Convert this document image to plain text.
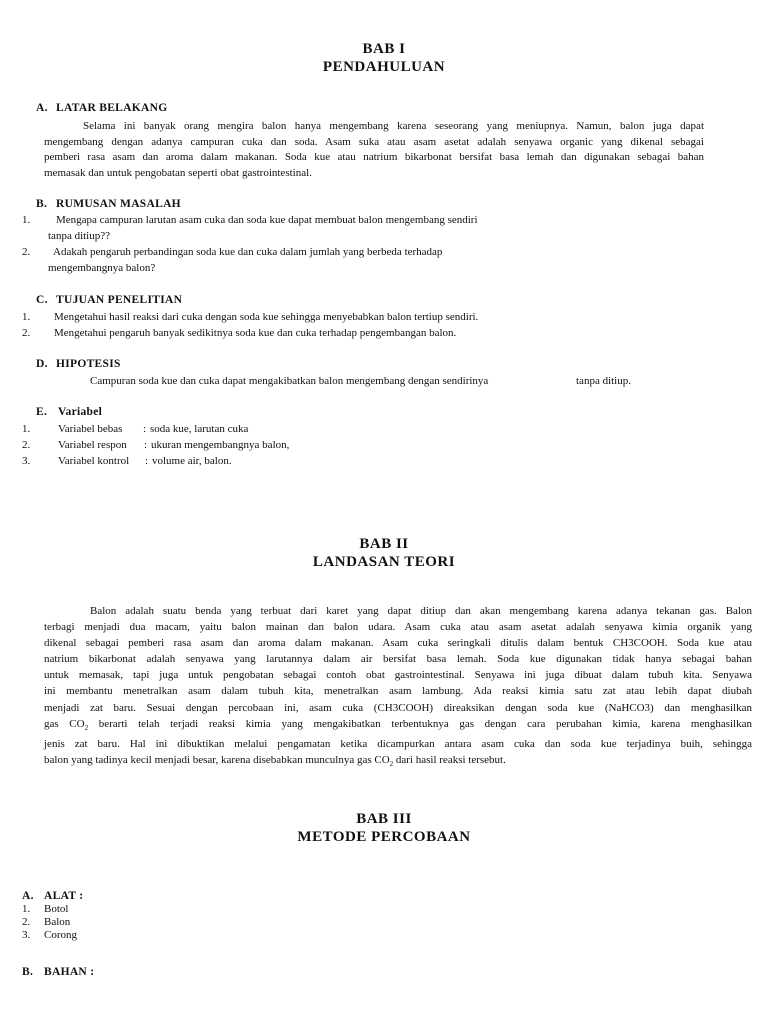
BAB I
PENDAHULUAN
A. LATAR BELAKANG
Selama ini banyak orang mengira balon hanya mengembang karena seseorang yang meniupnya. Namun, balon juga dapat
mengembang dengan adanya campuran cuka dan soda. Asam suka atau asam asetat adalah senyawa organic yang dikenal sebagai
pemberi rasa asam dan aroma dalam makanan. Soda kue atau natrium bikarbonat bersifat basa lemah dan digunakan sebagai bahan
memasak dan untuk pengobatan seperti obat gastrointestinal.
B. RUMUSAN MASALAH
1. Mengapa campuran larutan asam cuka dan soda kue dapat membuat balon mengembang sendiri
tanpa ditiup??
2. Adakah pengaruh perbandingan soda kue dan cuka dalam jumlah yang berbeda terhadap
mengembangnya balon?
C. TUJUAN PENELITIAN
1. Mengetahui hasil reaksi dari cuka dengan soda kue sehingga menyebabkan balon tertiup sendiri.
2. Mengetahui pengaruh banyak sedikitnya soda kue dan cuka terhadap pengembangan balon.
D. HIPOTESIS
Campuran soda kue dan cuka dapat mengakibatkan balon mengembang dengan sendirinya	tanpa ditiup.
E. Variabel
1.	Variabel bebas : soda kue, larutan cuka
2.	Variabel respon : ukuran mengembangnya balon,
3.	Variabel kontrol : volume air, balon.
BAB II
LANDASAN TEORI
Balon adalah suatu benda yang terbuat dari karet yang dapat ditiup dan akan mengembang karena adanya tekanan gas. Balon
terbagi menjadi dua macam, yaitu balon mainan dan balon udara. Asam cuka atau asam asetat adalah senyawa kimia organik yang
dikenal sebagai pemberi rasa asam dan aroma dalam makanan. Asam cuka seringkali ditulis dalam bentuk CH3COOH. Soda kue atau
natrium bikarbonat adalah senyawa yang larutannya dalam air bersifat basa lemah. Soda kue digunakan tidak hanya sebagai bahan
untuk memasak, tapi juga untuk pengobatan sebagai contoh obat gastrointestinal. Senyawa ini juga dibuat dalam tubuh kita. Senyawa
ini membantu menetralkan asam dalam tubuh kita, menetralkan asam lambung. Ada reaksi kimia satu zat atau lebih dapat diubah
menjadi zat baru. Sesuai dengan percobaan ini, asam cuka (CH3COOH) direaksikan dengan soda kue (NaHCO3) dan menghasilkan
gas $CO_2$ berarti telah terjadi reaksi kimia yang mengakibatkan terbentuknya gas dengan cara perubahan kimia, karena menghasilkan
jenis zat baru. Hal ini dibuktikan melalui pengamatan ketika dicampurkan antara asam cuka dan soda kue terjadinya buih, sehingga
balon yang tadinya kecil menjadi besar, karena disebabkan munculnya gas $CO_2$ dari hasil reaksi tersebut.
BAB III
METODE PERCOBAAN
A. ALAT :
1. Botol
2. Balon
3. Corong
B. BAHAN :
